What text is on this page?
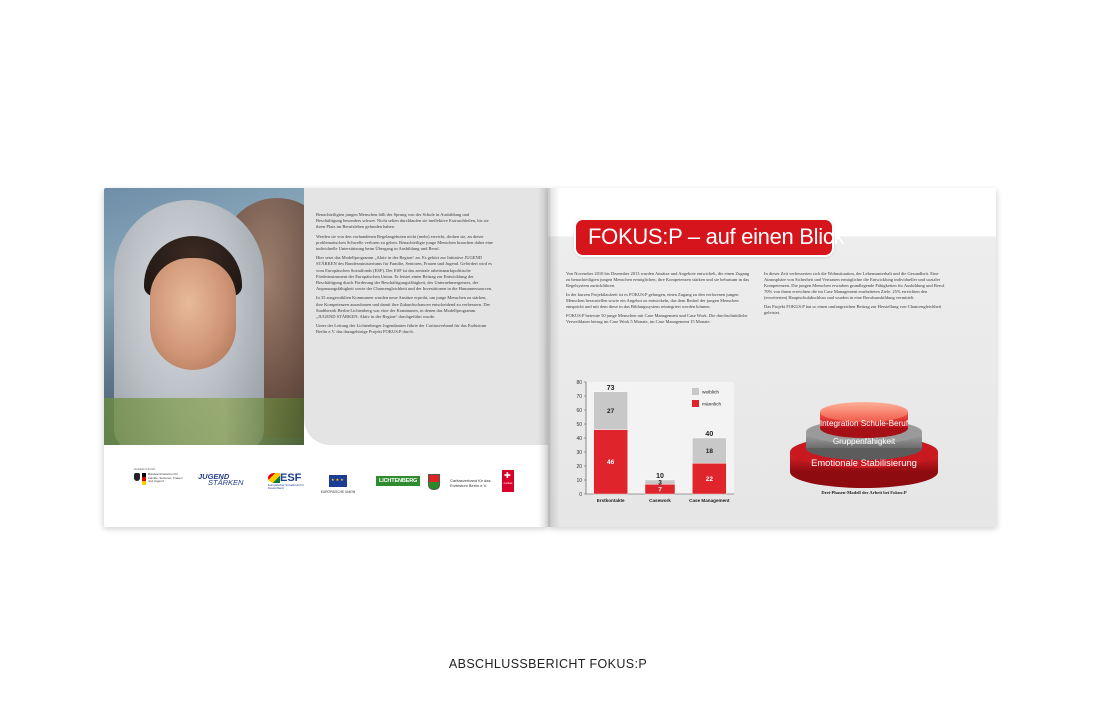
Benachteiligten jungen Menschen fällt der Sprung von der Schule in Ausbildung und Beschäftigung besonders schwer. Nicht selten durchlaufen sie ineffektive Extraschleifen, bis sie ihren Platz im Berufsleben gefunden haben.

Werden sie von den vorhandenen Regelangeboten nicht (mehr) erreicht, drohen sie, an dieser problematischen Schwelle verloren zu gehen. Benachteiligte junge Menschen brauchen daher eine individuelle Unterstützung beim Übergang in Ausbildung und Beruf.

Hier setzt das Modellprogramm „Aktiv in der Region“ an. Es gehört zur Initiative JUGEND STÄRKEN des Bundesministeriums für Familie, Senioren, Frauen und Jugend. Gefördert wird es vom Europäischen Sozialfonds (ESF). Der ESF ist das zentrale arbeitsmarktpolitische Förderinstrument der Europäischen Union. Er leistet einen Beitrag zur Entwicklung der Beschäftigung durch Förderung der Beschäftigungsfähigkeit, des Unternehmergeistes, der Anpassungsfähigkeit sowie der Chancengleichheit und der Investitionen in die Humanressourcen.

In 35 ausgewählten Kommunen wurden neue Ansätze erprobt, um junge Menschen zu stärken, ihre Kompetenzen auszubauen und damit ihre Zukunftschancen entscheidend zu verbessern. Der Stadtbezirk Berlin-Lichtenberg war eine der Kommunen, in denen das Modellprogramm „JUGEND STÄRKEN: Aktiv in der Region“ durchgeführt wurde.

Unter der Leitung des Lichtenberger Jugendamtes führte der Caritasverband für das Erzbistum Berlin e.V. das dazugehörige Projekt FOKUS:P durch.

Gefördert durch:
Bundesministerium für Familie, Senioren, Frauen und Jugend
JUGEND
STÄRKEN	ESF
Europäischer Sozialfonds für Deutschland
★★★
EUROPÄISCHE UNION
LICHTENBERG	Caritasverband für das Erzbistum Berlin e.V.
✚	caritas
FOKUS:P – auf einen Blick

Von November 2010 bis Dezember 2013 wurden Ansätze und Angebote entwickelt, die einen Zugang zu benachteiligten jungen Menschen ermöglichen, ihre Kompetenzen stärken und sie behutsam in das Regelsystem zurückführen.

In der kurzen Projektlaufzeit ist es FOKUS:P gelungen, einen Zugang zu den verlorenen jungen Menschen herzustellen sowie ein Angebot zu entwickeln, das dem Bedarf der jungen Menschen entspricht und mit dem diese in das Bildungssystem reintegriert werden können.

FOKUS:P betreute 50 junge Menschen mit Case Management und Case Work. Die durchschnittliche Verweildauer betrug im Case Work 5 Monate, im Case Management 15 Monate.

In dieser Zeit verbesserten sich die Wohnsituation, der Lebensunterhalt und die Gesundheit. Eine Atmosphäre von Sicherheit und Vertrauen ermöglichte die Entwicklung individueller und sozialer Kompetenzen. Die jungen Menschen erwarben grundlegende Fähigkeiten für Ausbildung und Beruf. 70% von ihnen erreichten die im Case Management erarbeiteten Ziele. 25% erreichten den (erweiterten) Hauptschulabschluss und wurden in eine Berufsausbildung vermittelt.

Das Projekt FOKUS:P hat so einen umfangreichen Beitrag zur Herstellung von Chancengleichheit geleistet.

0
10
20
30
40
50
60
70
80
46
27
73
Erstkontakte
7
3
10
Casework
22
18
40
Case Management
weiblich
männlich
Integration Schule-Beruf
Gruppenfähigkeit
Emotionale Stabilisierung
Drei-Phasen-Modell der Arbeit bei Fokus:P
ABSCHLUSSBERICHT FOKUS:P
